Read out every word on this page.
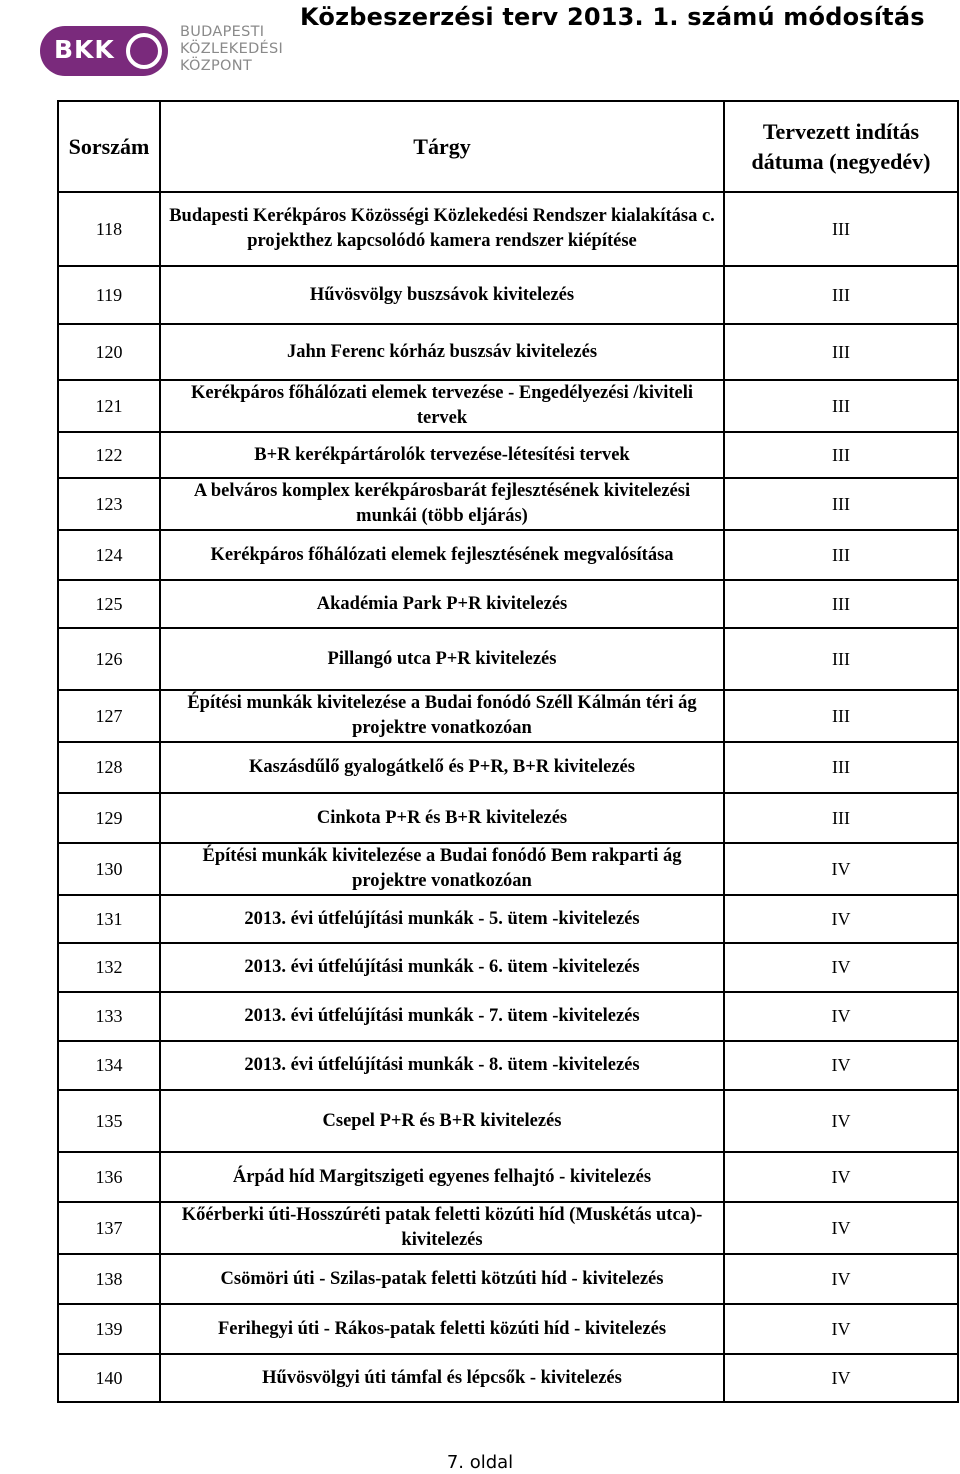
BKK
BUDAPESTI
KÖZLEKEDÉSI
KÖZPONT
Közbeszerzési terv 2013. 1. számú módosítás
Sorszám	Tárgy	Tervezett indítás dátuma (negyedév)
118	Budapesti Kerékpáros Közösségi Közlekedési Rendszer kialakítása c. projekthez kapcsolódó kamera rendszer kiépítése	III
119	Hűvösvölgy buszsávok kivitelezés	III
120	Jahn Ferenc kórház buszsáv kivitelezés	III
121	Kerékpáros főhálózati elemek tervezése - Engedélyezési /kiviteli tervek	III
122	B+R kerékpártárolók tervezése-létesítési tervek	III
123	A belváros komplex kerékpárosbarát fejlesztésének kivitelezési munkái (több eljárás)	III
124	Kerékpáros főhálózati elemek fejlesztésének megvalósítása	III
125	Akadémia Park P+R kivitelezés	III
126	Pillangó utca P+R kivitelezés	III
127	Építési munkák kivitelezése a Budai fonódó Széll Kálmán téri ág projektre vonatkozóan	III
128	Kaszásdűlő gyalogátkelő és P+R, B+R kivitelezés	III
129	Cinkota P+R és B+R kivitelezés	III
130	Építési munkák kivitelezése a Budai fonódó Bem rakparti ág projektre vonatkozóan	IV
131	2013. évi útfelújítási munkák - 5. ütem -kivitelezés	IV
132	2013. évi útfelújítási munkák - 6. ütem -kivitelezés	IV
133	2013. évi útfelújítási munkák - 7. ütem -kivitelezés	IV
134	2013. évi útfelújítási munkák - 8. ütem -kivitelezés	IV
135	Csepel P+R és B+R kivitelezés	IV
136	Árpád híd Margitszigeti egyenes felhajtó - kivitelezés	IV
137	Kőérberki úti-Hosszúréti patak feletti közúti híd (Muskétás utca)-kivitelezés	IV
138	Csömöri úti - Szilas-patak feletti kötzúti híd - kivitelezés	IV
139	Ferihegyi úti - Rákos-patak feletti közúti híd - kivitelezés	IV
140	Hűvösvölgyi úti támfal és lépcsők - kivitelezés	IV
7. oldal
